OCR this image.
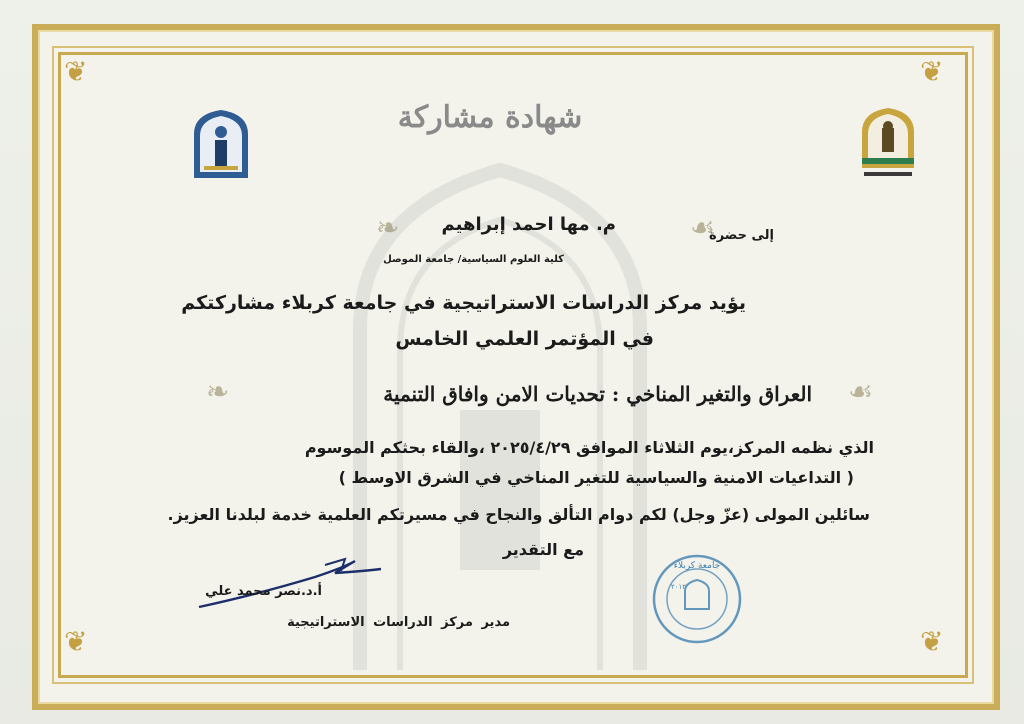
❦	❦
❦	❦
❧	☙
❧	☙
شهادة مشاركة
إلى حضرة
م. مها احمد إبراهيم
كلية العلوم السياسية/ جامعة الموصل
يؤيد مركز الدراسات الاستراتيجية في جامعة كربلاء مشاركتكم
في المؤتمر العلمي الخامس
العراق والتغير المناخي : تحديات الامن وافاق التنمية
الذي نظمه المركز،يوم الثلاثاء الموافق ٢٠٢٥/٤/٢٩ ،والقاء بحثكم الموسوم
( التداعيات الامنية والسياسية للتغير المناخي في الشرق الاوسط )
سائلين المولى (عزّ وجل) لكم دوام التألق والنجاح في مسيرتكم العلمية خدمة لبلدنا العزيز.
مع التقدير
أ.د.نصر محمد علي
مدير مركز الدراسات الاستراتيجية
جامعة كربلاء
٢٠١٢
